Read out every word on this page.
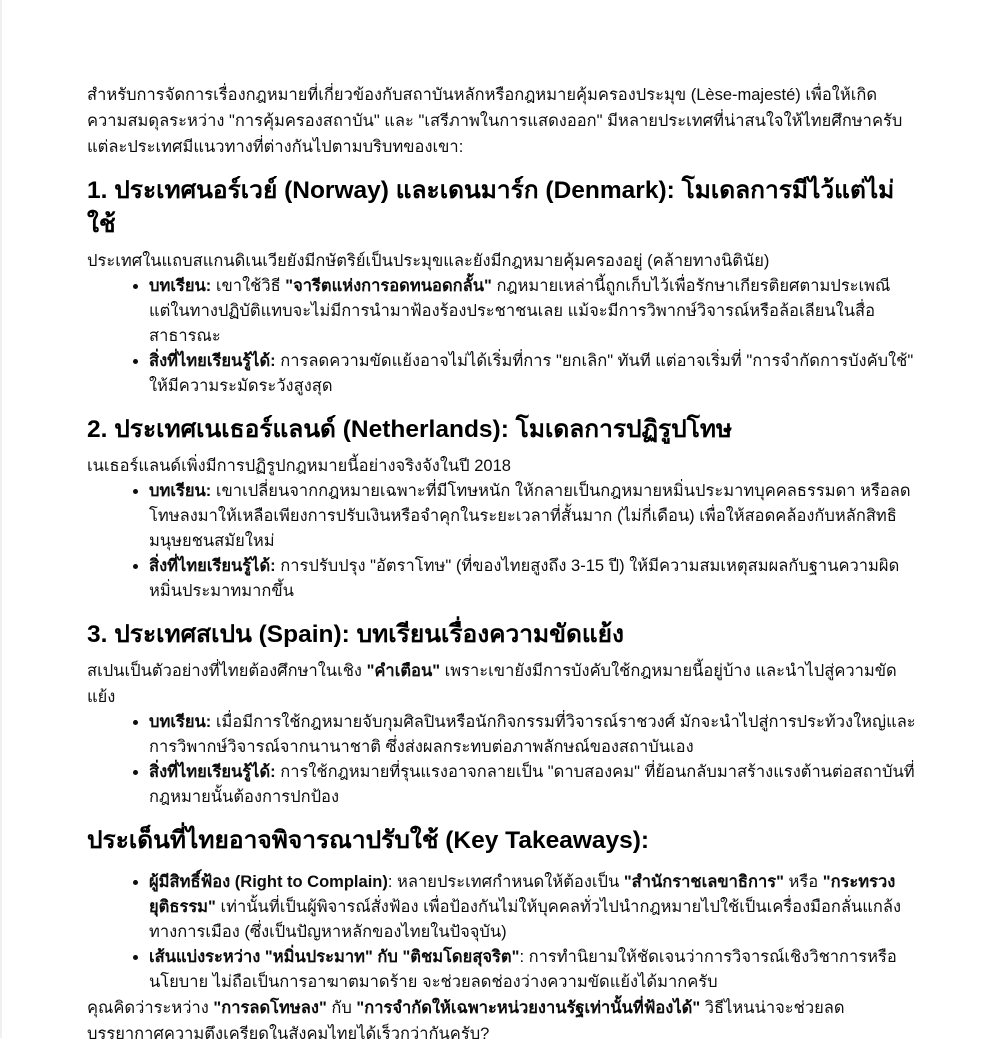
สำหรับการจัดการเรื่องกฎหมายที่เกี่ยวข้องกับสถาบันหลักหรือกฎหมายคุ้มครองประมุข (Lèse-majesté) เพื่อให้เกิดความสมดุลระหว่าง "การคุ้มครองสถาบัน" และ "เสรีภาพในการแสดงออก" มีหลายประเทศที่น่าสนใจให้ไทยศึกษาครับ แต่ละประเทศมีแนวทางที่ต่างกันไปตามบริบทของเขา:

1. ประเทศนอร์เวย์ (Norway) และเดนมาร์ก (Denmark): โมเดลการมีไว้แต่ไม่ใช้

ประเทศในแถบสแกนดิเนเวียยังมีกษัตริย์เป็นประมุขและยังมีกฎหมายคุ้มครองอยู่ (คล้ายทางนิตินัย)

• บทเรียน: เขาใช้วิธี "จารีตแห่งการอดทนอดกลั้น" กฎหมายเหล่านี้ถูกเก็บไว้เพื่อรักษาเกียรติยศตามประเพณี แต่ในทางปฏิบัติแทบจะไม่มีการนำมาฟ้องร้องประชาชนเลย แม้จะมีการวิพากษ์วิจารณ์หรือล้อเลียนในสื่อสาธารณะ
• สิ่งที่ไทยเรียนรู้ได้: การลดความขัดแย้งอาจไม่ได้เริ่มที่การ "ยกเลิก" ทันที แต่อาจเริ่มที่ "การจำกัดการบังคับใช้" ให้มีความระมัดระวังสูงสุด
2. ประเทศเนเธอร์แลนด์ (Netherlands): โมเดลการปฏิรูปโทษ

เนเธอร์แลนด์เพิ่งมีการปฏิรูปกฎหมายนี้อย่างจริงจังในปี 2018

• บทเรียน: เขาเปลี่ยนจากกฎหมายเฉพาะที่มีโทษหนัก ให้กลายเป็นกฎหมายหมิ่นประมาทบุคคลธรรมดา หรือลดโทษลงมาให้เหลือเพียงการปรับเงินหรือจำคุกในระยะเวลาที่สั้นมาก (ไม่กี่เดือน) เพื่อให้สอดคล้องกับหลักสิทธิมนุษยชนสมัยใหม่
• สิ่งที่ไทยเรียนรู้ได้: การปรับปรุง "อัตราโทษ" (ที่ของไทยสูงถึง 3-15 ปี) ให้มีความสมเหตุสมผลกับฐานความผิดหมิ่นประมาทมากขึ้น
3. ประเทศสเปน (Spain): บทเรียนเรื่องความขัดแย้ง

สเปนเป็นตัวอย่างที่ไทยต้องศึกษาในเชิง "คำเตือน" เพราะเขายังมีการบังคับใช้กฎหมายนี้อยู่บ้าง และนำไปสู่ความขัดแย้ง

• บทเรียน: เมื่อมีการใช้กฎหมายจับกุมศิลปินหรือนักกิจกรรมที่วิจารณ์ราชวงศ์ มักจะนำไปสู่การประท้วงใหญ่และการวิพากษ์วิจารณ์จากนานาชาติ ซึ่งส่งผลกระทบต่อภาพลักษณ์ของสถาบันเอง
• สิ่งที่ไทยเรียนรู้ได้: การใช้กฎหมายที่รุนแรงอาจกลายเป็น "ดาบสองคม" ที่ย้อนกลับมาสร้างแรงต้านต่อสถาบันที่กฎหมายนั้นต้องการปกป้อง
ประเด็นที่ไทยอาจพิจารณาปรับใช้ (Key Takeaways):
• ผู้มีสิทธิ์ฟ้อง (Right to Complain): หลายประเทศกำหนดให้ต้องเป็น "สำนักราชเลขาธิการ" หรือ "กระทรวงยุติธรรม" เท่านั้นที่เป็นผู้พิจารณ์สั่งฟ้อง เพื่อป้องกันไม่ให้บุคคลทั่วไปนำกฎหมายไปใช้เป็นเครื่องมือกลั่นแกล้งทางการเมือง (ซึ่งเป็นปัญหาหลักของไทยในปัจจุบัน)
• เส้นแบ่งระหว่าง "หมิ่นประมาท" กับ "ติชมโดยสุจริต": การทำนิยามให้ชัดเจนว่าการวิจารณ์เชิงวิชาการหรือนโยบาย ไม่ถือเป็นการอาฆาตมาดร้าย จะช่วยลดช่องว่างความขัดแย้งได้มากครับ

คุณคิดว่าระหว่าง "การลดโทษลง" กับ "การจำกัดให้เฉพาะหน่วยงานรัฐเท่านั้นที่ฟ้องได้" วิธีไหนน่าจะช่วยลดบรรยากาศความตึงเครียดในสังคมไทยได้เร็วกว่ากันครับ?
